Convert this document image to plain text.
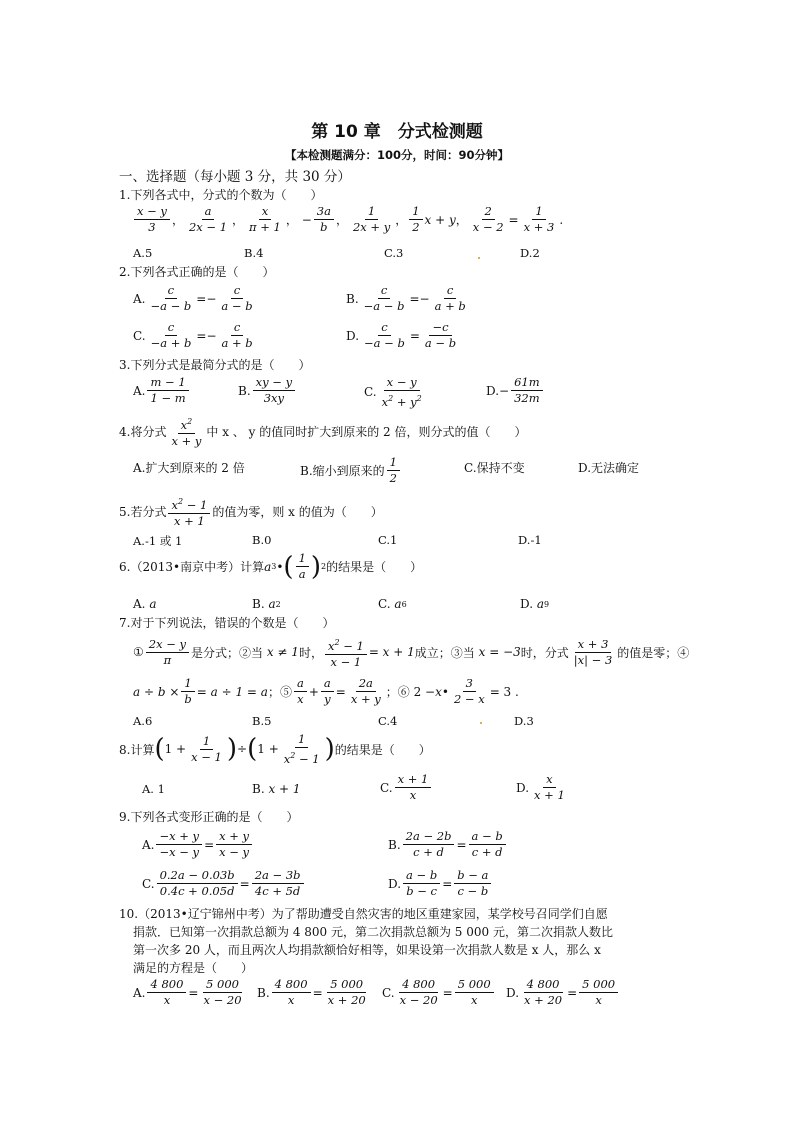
第 10 章　分式检测题
【本检测题满分：100分，时间：90分钟】
一、选择题（每小题 3 分，共 30 分）
1.下列各式中，分式的个数为（　　）
x − y
3 ，
a
2x − 1 ，
x
π + 1 ， −
3a
b ，
1
2x + y ，
1
2
x + y ，
2
x − 2
=
1
x + 3
.
A.5	B.4	C.3	D.2
2.下列各式正确的是（　　）
A.
c
−a − b
=−
c
a − b
B.
c
−a − b
=−
c
a + b
C.
c
−a + b
=−
c
a + b
D.
c
−a − b
=
−c
a − b
3.下列分式是最简分式的是（　　）
A.
m − 1
1 − m
B.
xy − y
3xy	C.
x − y
$x^2 + y^2$
D. −
61m
32m
4.将分式
$x^2$
x + y
中 x 、 y 的值同时扩大到原来的 2 倍，则分式的值（　　）
A.扩大到原来的 2 倍	B.缩小到原来的
1
2
C.保持不变	D.无法确定
5.若分式
$x^2 - 1$
x + 1
的值为零，则 x 的值为（　　）
A.-1 或 1	B.0	C.1	D.-1
6.（2013•南京中考）计算 a 3 • ( 1
a ) 2 的结果是（　　）
A.
a	B.
a 2	C.
a 6	D.
a 9
7.对于下列说法，错误的个数是（　　）
①
2x − y
π 是分式；②当 x ≠ 1 时， $\frac{x^2 - 1}{x - 1} = x + 1$ 成立；③当 x = −3 时，分式
x + 3
|x| − 3 的值是零；④
$a \div b \times \frac{1}{b} = a \div 1 = a$ ；⑤
a
x
+
a
y
=
2a
x + y ；⑥ 2 − x •
3
2 − x
= 3 .
A.6	B.5	C.4	D.3
8.计算 ( 1 +
1
x − 1 ) ÷ ( 1 +
1
$x^2 - 1$ ) 的结果是（　　）
A. 1	B.
x + 1	C.
x + 1
x
D.
x
x + 1
9.下列各式变形正确的是（　　）
A.
−x + y
−x − y
=
x + y
x − y
B.
2a − 2b
c + d
=
a − b
c + d
C.
0.2a − 0.03b
0.4c + 0.05d
=
2a − 3b
4c + 5d
D.
a − b
b − c
=
b − a
c − b
10.（2013•辽宁锦州中考）为了帮助遭受自然灾害的地区重建家园，某学校号召同学们自愿
捐款．已知第一次捐款总额为 4 800 元，第二次捐款总额为 5 000 元，第二次捐款人数比
第一次多 20 人，而且两次人均捐款额恰好相等，如果设第一次捐款人数是 x 人，那么 x
满足的方程是（　　）
A.
4 800
x
=
5 000
x − 20
B.
4 800
x
=
5 000
x + 20
C.
4 800
x − 20
=
5 000
x
D.
4 800
x + 20
=
5 000
x
